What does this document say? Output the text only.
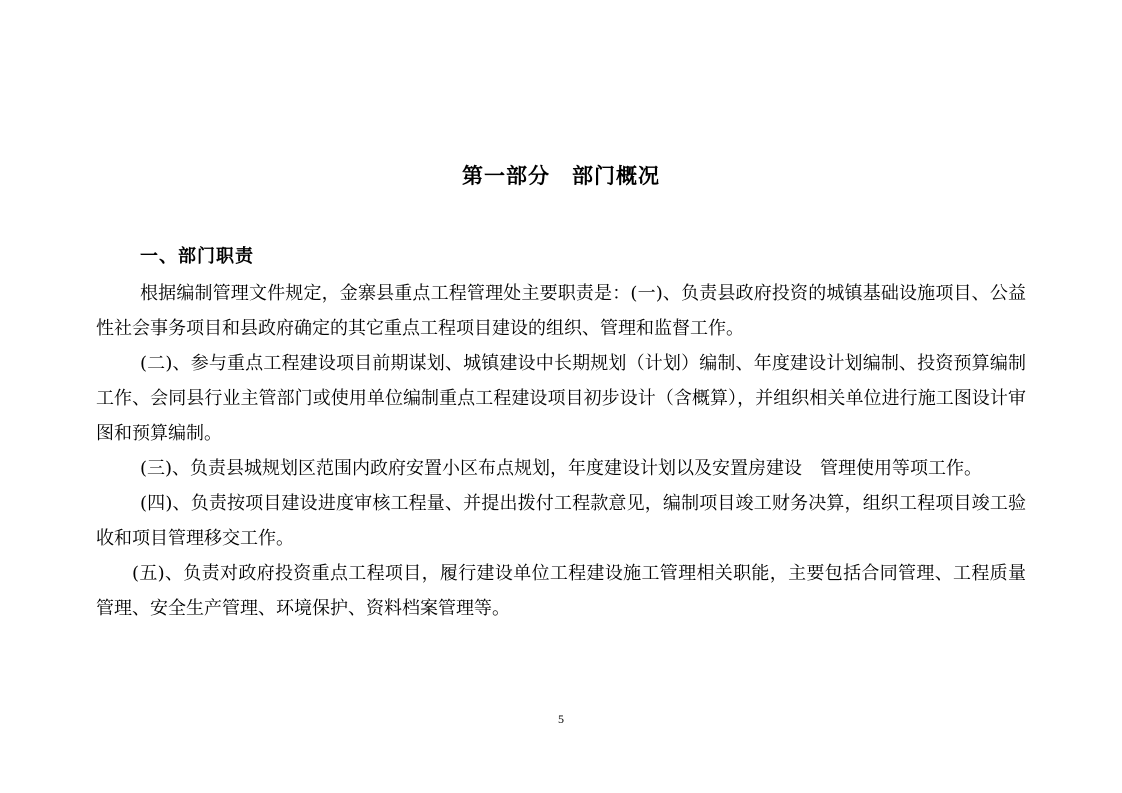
第一部分　部门概况
一、部门职责

根据编制管理文件规定，金寨县重点工程管理处主要职责是：(一)、负责县政府投资的城镇基础设施项目、公益性社会事务项目和县政府确定的其它重点工程项目建设的组织、管理和监督工作。

(二)、参与重点工程建设项目前期谋划、城镇建设中长期规划（计划）编制、年度建设计划编制、投资预算编制工作、会同县行业主管部门或使用单位编制重点工程建设项目初步设计（含概算），并组织相关单位进行施工图设计审图和预算编制。

(三)、负责县城规划区范围内政府安置小区布点规划，年度建设计划以及安置房建设　管理使用等项工作。

(四)、负责按项目建设进度审核工程量、并提出拨付工程款意见，编制项目竣工财务决算，组织工程项目竣工验收和项目管理移交工作。

(五)、负责对政府投资重点工程项目，履行建设单位工程建设施工管理相关职能，主要包括合同管理、工程质量管理、安全生产管理、环境保护、资料档案管理等。

5
